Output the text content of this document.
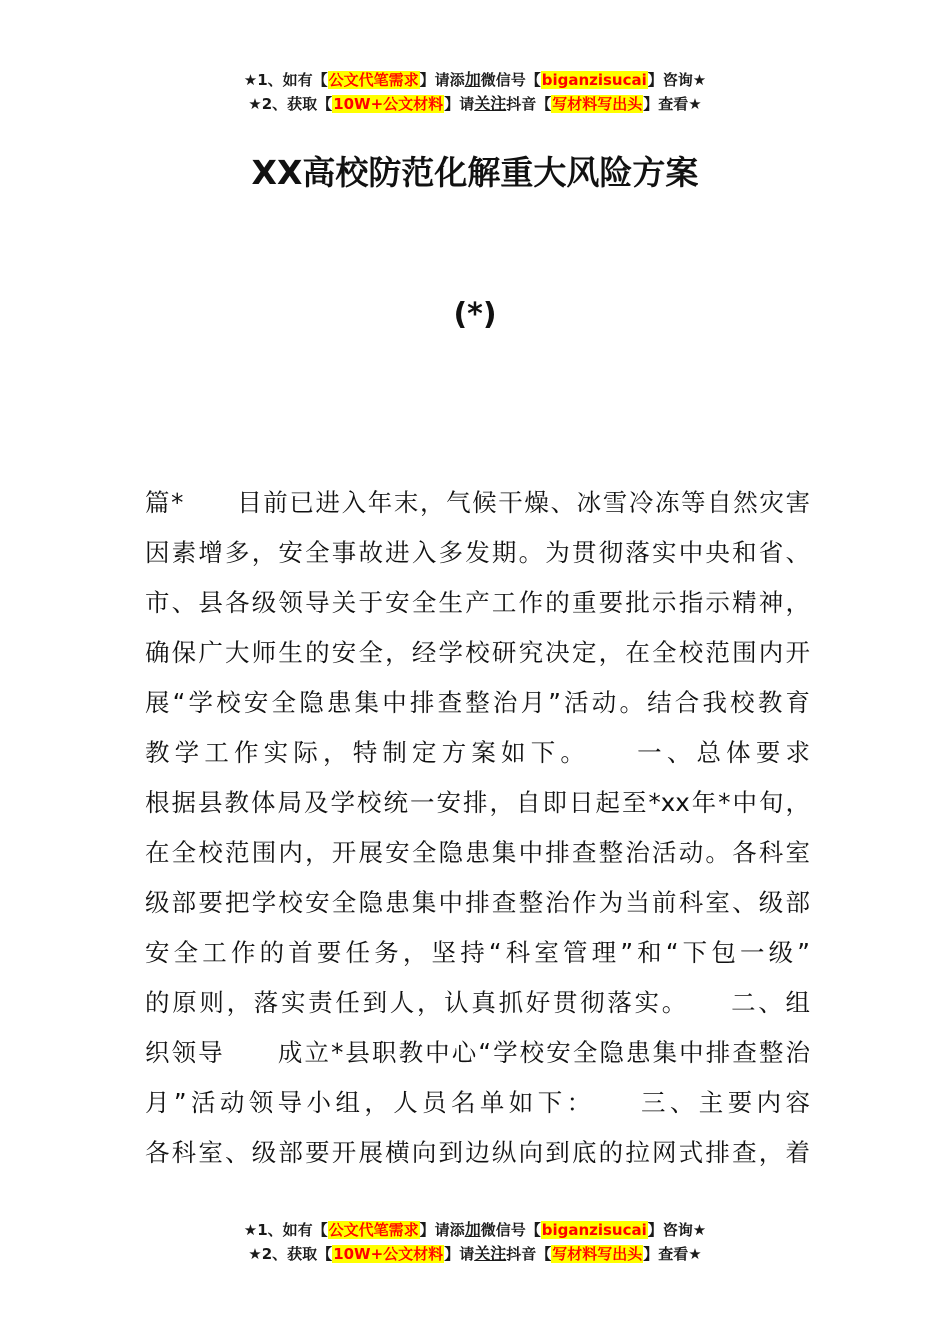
★1、如有【公文代笔需求】请添加微信号【biganzisucai】咨询★
★2、获取【10W+公文材料】请关注抖音【写材料写出头】查看★
XX高校防范化解重大风险方案
(*)
篇*　　目前已进入年末，气候干燥、冰雪冷冻等自然灾害
因素增多，安全事故进入多发期。为贯彻落实中央和省、
市、县各级领导关于安全生产工作的重要批示指示精神，
确保广大师生的安全，经学校研究决定，在全校范围内开
展“学校安全隐患集中排查整治月”活动。结合我校教育
教学工作实际，特制定方案如下。　　一、总体要求
根据县教体局及学校统一安排，自即日起至*xx年*中旬，
在全校范围内，开展安全隐患集中排查整治活动。各科室
级部要把学校安全隐患集中排查整治作为当前科室、级部
安全工作的首要任务，坚持“科室管理”和“下包一级”
的原则，落实责任到人，认真抓好贯彻落实。　　二、组
织领导　　成立*县职教中心“学校安全隐患集中排查整治
月”活动领导小组，人员名单如下：　　三、主要内容
各科室、级部要开展横向到边纵向到底的拉网式排查，着
★1、如有【公文代笔需求】请添加微信号【biganzisucai】咨询★
★2、获取【10W+公文材料】请关注抖音【写材料写出头】查看★
